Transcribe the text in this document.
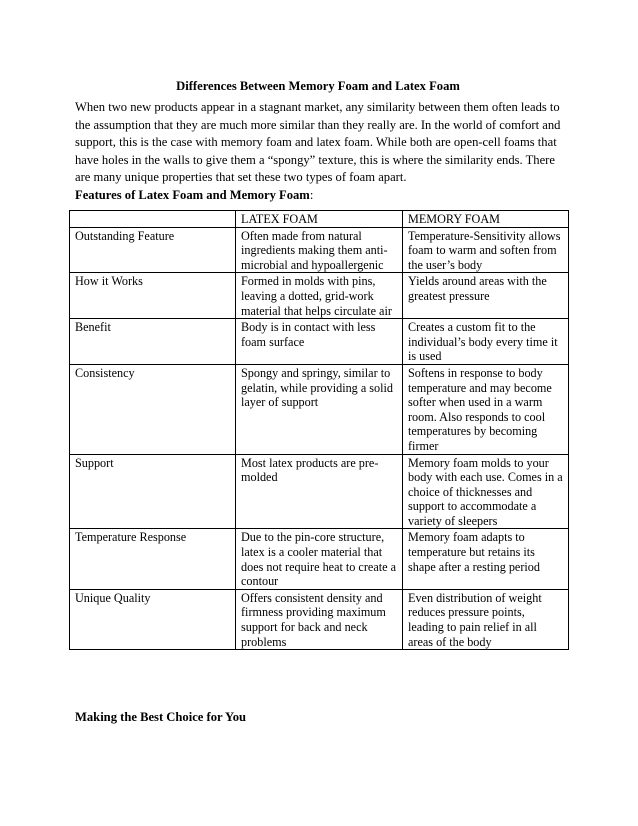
Differences Between Memory Foam and Latex Foam
When two new products appear in a stagnant market, any similarity between them often leads to
the assumption that they are much more similar than they really are. In the world of comfort and
support, this is the case with memory foam and latex foam. While both are open-cell foams that
have holes in the walls to give them a “spongy” texture, this is where the similarity ends. There
are many unique properties that set these two types of foam apart.
Features of Latex Foam and Memory Foam:
	LATEX FOAM	MEMORY FOAM
Outstanding Feature	Often made from natural ingredients making them anti-microbial and hypoallergenic	Temperature-Sensitivity allows foam to warm and soften from the user’s body
How it Works	Formed in molds with pins, leaving a dotted, grid-work material that helps circulate air	Yields around areas with the greatest pressure
Benefit	Body is in contact with less foam surface	Creates a custom fit to the individual’s body every time it is used
Consistency	Spongy and springy, similar to gelatin, while providing a solid layer of support	Softens in response to body temperature and may become softer when used in a warm room. Also responds to cool temperatures by becoming firmer
Support	Most latex products are pre-molded	Memory foam molds to your body with each use. Comes in a choice of thicknesses and support to accommodate a variety of sleepers
Temperature Response	Due to the pin-core structure, latex is a cooler material that does not require heat to create a contour	Memory foam adapts to temperature but retains its shape after a resting period
Unique Quality	Offers consistent density and firmness providing maximum support for back and neck problems	Even distribution of weight reduces pressure points, leading to pain relief in all areas of the body
Making the Best Choice for You
